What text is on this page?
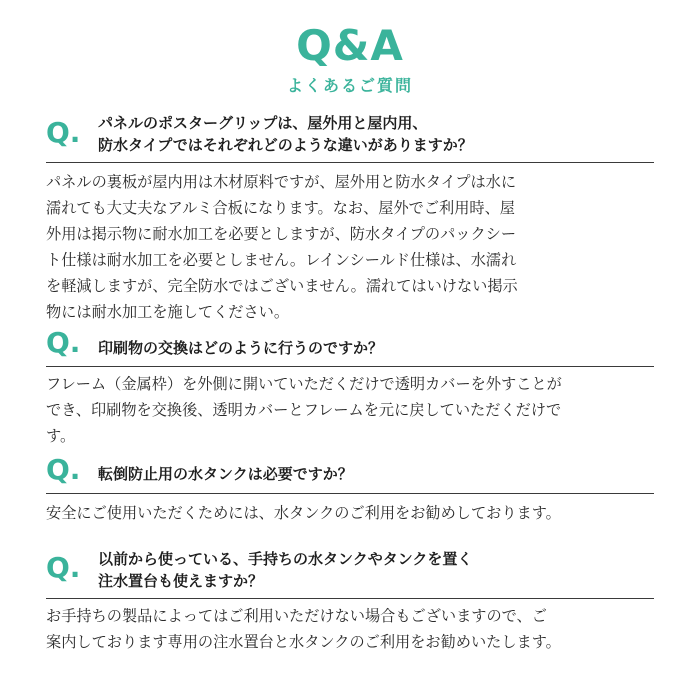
Q&A
よくあるご質問
Q. パネルのポスターグリップは、屋外用と屋内用、
防水タイプではそれぞれどのような違いがありますか？
パネルの裏板が屋内用は木材原料ですが、屋外用と防水タイプは水に
濡れても大丈夫なアルミ合板になります。なお、屋外でご利用時、屋
外用は掲示物に耐水加工を必要としますが、防水タイプのパックシー
ト仕様は耐水加工を必要としません。レインシールド仕様は、水濡れ
を軽減しますが、完全防水ではございません。濡れてはいけない掲示
物には耐水加工を施してください。
Q. 印刷物の交換はどのように行うのですか？
フレーム（金属枠）を外側に開いていただくだけで透明カバーを外すことが
でき、印刷物を交換後、透明カバーとフレームを元に戻していただくだけで
す。
Q. 転倒防止用の水タンクは必要ですか？
安全にご使用いただくためには、水タンクのご利用をお勧めしております。
Q. 以前から使っている、手持ちの水タンクやタンクを置く
注水置台も使えますか？
お手持ちの製品によってはご利用いただけない場合もございますので、ご
案内しております専用の注水置台と水タンクのご利用をお勧めいたします。
